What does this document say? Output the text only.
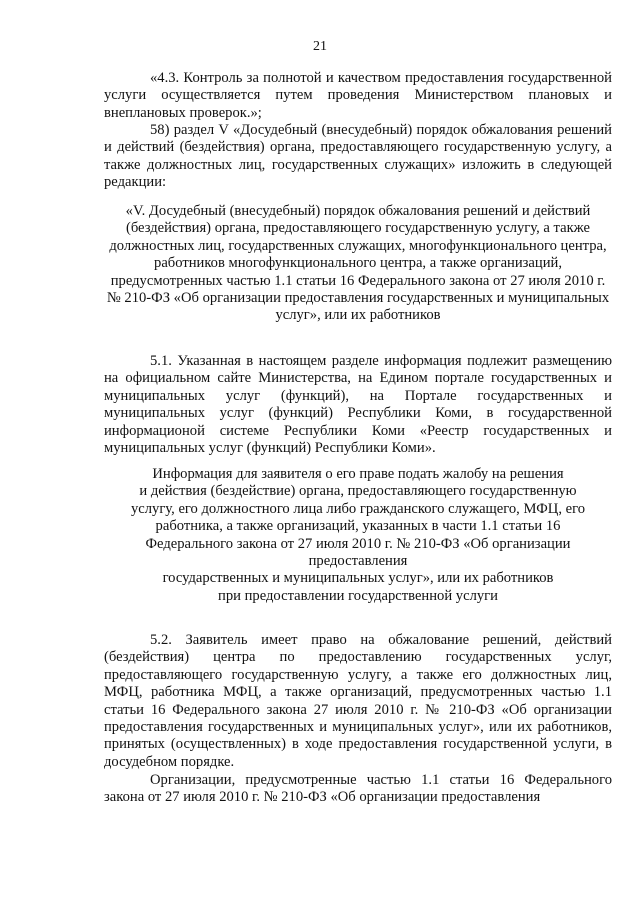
21

«4.3. Контроль за полнотой и качеством предоставления государственной услуги осуществляется путем проведения Министерством плановых и внеплановых проверок.»;

58) раздел V «Досудебный (внесудебный) порядок обжалования решений и действий (бездействия) органа, предоставляющего государственную услугу, а также должностных лиц, государственных служащих» изложить в следующей редакции:

«V. Досудебный (внесудебный) порядок обжалования решений и действий (бездействия) органа, предоставляющего государственную услугу, а также должностных лиц, государственных служащих, многофункционального центра, работников многофункционального центра, а также организаций, предусмотренных частью 1.1 статьи 16 Федерального закона от 27 июля 2010 г. № 210-ФЗ «Об организации предоставления государственных и муниципальных услуг», или их работников

5.1. Указанная в настоящем разделе информация подлежит размещению на официальном сайте Министерства, на Едином портале государственных и муниципальных услуг (функций), на Портале государственных и муниципальных услуг (функций) Республики Коми, в государственной информационой системе Республики Коми «Реестр государственных и муниципальных услуг (функций) Республики Коми».

Информация для заявителя о его праве подать жалобу на решения

и действия (бездействие) органа, предоставляющего государственную

услугу, его должностного лица либо гражданского служащего, МФЦ, его

работника, а также организаций, указанных в части 1.1 статьи 16

Федерального закона от 27 июля 2010 г. № 210-ФЗ «Об организации

предоставления

государственных и муниципальных услуг», или их работников

при предоставлении государственной услуги

5.2. Заявитель имеет право на обжалование решений, действий (бездействия) центра по предоставлению государственных услуг, предоставляющего государственную услугу, а также его должностных лиц, МФЦ, работника МФЦ, а также организаций, предусмотренных частью 1.1 статьи 16 Федерального закона 27 июля 2010 г. № 210-ФЗ «Об организации предоставления государственных и муниципальных услуг», или их работников, принятых (осуществленных) в ходе предоставления государственной услуги, в досудебном порядке.

Организации, предусмотренные частью 1.1 статьи 16 Федерального закона от 27 июля 2010 г. № 210-ФЗ «Об организации предоставления
